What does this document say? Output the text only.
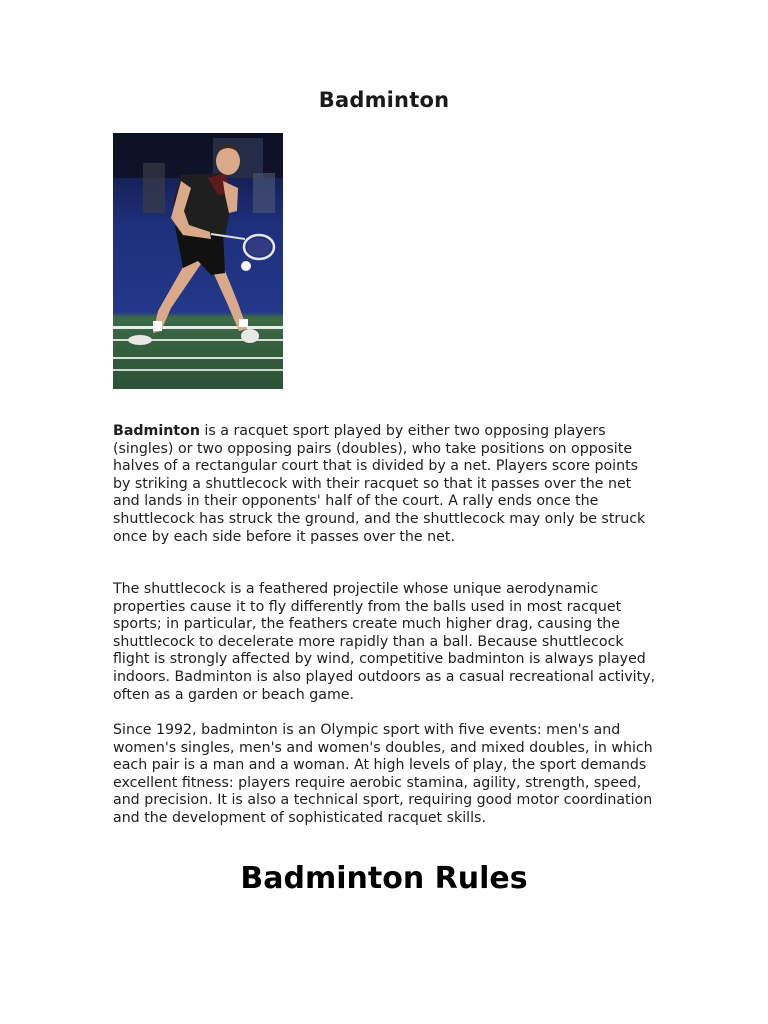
Badminton

Badminton is a racquet sport played by either two opposing players (singles) or two opposing pairs (doubles), who take positions on opposite halves of a rectangular court that is divided by a net. Players score points by striking a shuttlecock with their racquet so that it passes over the net and lands in their opponents' half of the court. A rally ends once the shuttlecock has struck the ground, and the shuttlecock may only be struck once by each side before it passes over the net.

The shuttlecock is a feathered projectile whose unique aerodynamic properties cause it to fly differently from the balls used in most racquet sports; in particular, the feathers create much higher drag, causing the shuttlecock to decelerate more rapidly than a ball. Because shuttlecock flight is strongly affected by wind, competitive badminton is always played indoors. Badminton is also played outdoors as a casual recreational activity, often as a garden or beach game.

Since 1992, badminton is an Olympic sport with five events: men's and women's singles, men's and women's doubles, and mixed doubles, in which each pair is a man and a woman. At high levels of play, the sport demands excellent fitness: players require aerobic stamina, agility, strength, speed, and precision. It is also a technical sport, requiring good motor coordination and the development of sophisticated racquet skills.

Badminton Rules
